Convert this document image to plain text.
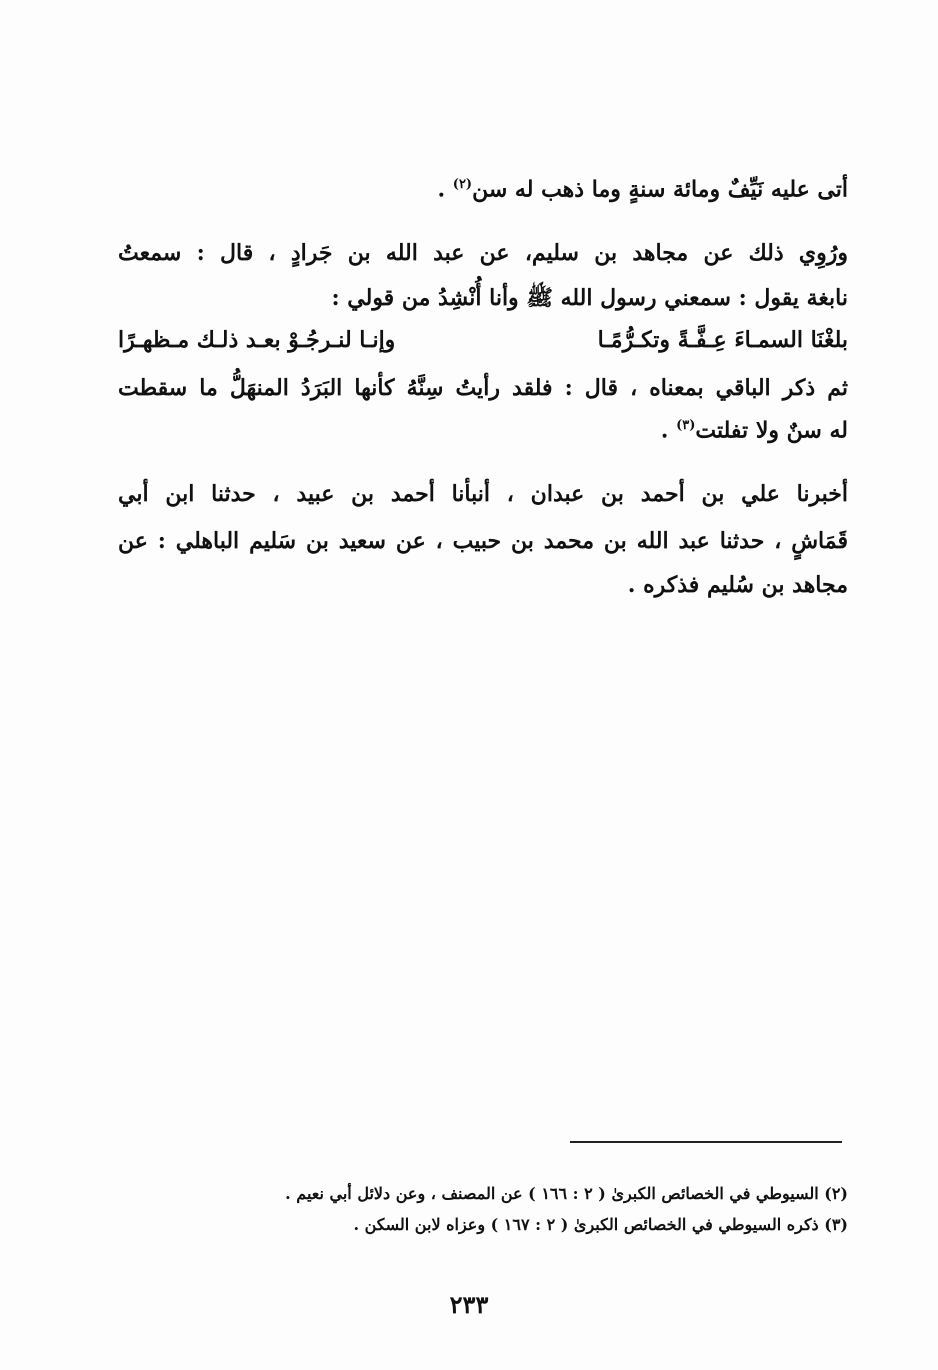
أتى عليه نَيِّفٌ ومائة سنةٍ وما ذهب له سن$^{(٢)}$ .
ورُوِي ذلك عن مجاهد بن سليم، عن عبد الله بن جَرادٍ ، قال : سمعتُ
نابغة يقول : سمعني رسول الله ﷺ وأنا أُنْشِدُ من قولي :
بلغْنَا السمـاءَ عِـفَّـةً وتكـرُّمًـا
وإنـا لنـرجُـوْ بعـد ذلـك مـظهـرًا
ثم ذكر الباقي بمعناه ، قال : فلقد رأيتُ سِنَّهُ كأنها البَرَدُ المنهَلُّ ما سقطت
له سنٌ ولا تفلتت$^{(٣)}$ .
أخبرنا علي بن أحمد بن عبدان ، أنبأنا أحمد بن عبيد ، حدثنا ابن أبي
قَمَاشٍ ، حدثنا عبد الله بن محمد بن حبيب ، عن سعيد بن سَليم الباهلي : عن
مجاهد بن سُليم فذكره .
(٢) السيوطي في الخصائص الكبرىٰ ( ٢ : ١٦٦ ) عن المصنف ، وعن دلائل أبي نعيم .
(٣) ذكره السيوطي في الخصائص الكبرىٰ ( ٢ : ١٦٧ ) وعزاه لابن السكن .
٢٣٣
